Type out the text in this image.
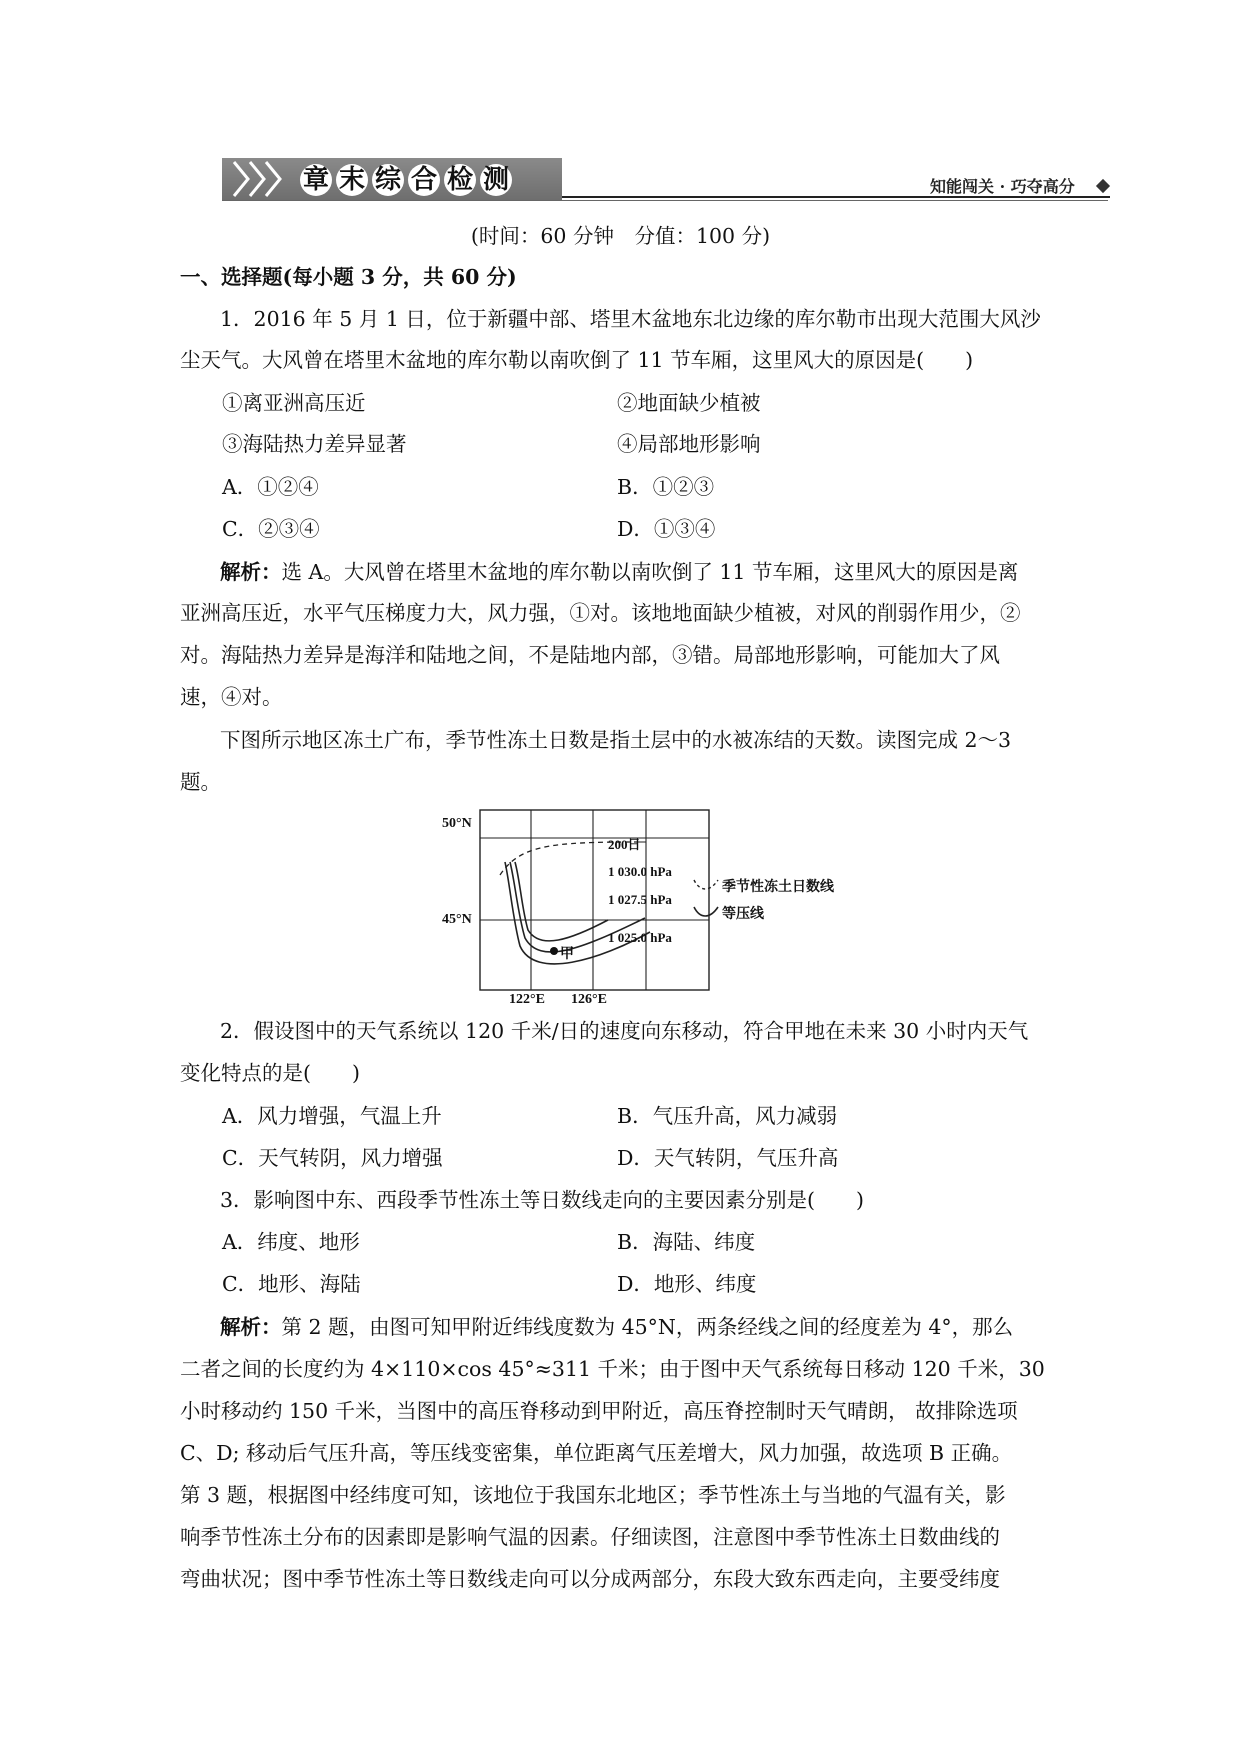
章 末 综 合 检 测	知能闯关 · 巧夺高分
(时间：60 分钟　分值：100 分)
一、选择题(每小题 3 分，共 60 分)
1．2016 年 5 月 1 日，位于新疆中部、塔里木盆地东北边缘的库尔勒市出现大范围大风沙
尘天气。大风曾在塔里木盆地的库尔勒以南吹倒了 11 节车厢，这里风大的原因是(　　)
①离亚洲高压近	②地面缺少植被
③海陆热力差异显著	④局部地形影响
A．①②④	B．①②③
C．②③④	D．①③④
解析：选 A。大风曾在塔里木盆地的库尔勒以南吹倒了 11 节车厢，这里风大的原因是离
亚洲高压近，水平气压梯度力大，风力强，①对。该地地面缺少植被，对风的削弱作用少，②
对。海陆热力差异是海洋和陆地之间，不是陆地内部，③错。局部地形影响，可能加大了风
速，④对。
下图所示地区冻土广布，季节性冻土日数是指土层中的水被冻结的天数。读图完成 2～3
题。
50°N
45°N
122°E 126°E
200日
1 030.0 hPa
1 027.5 hPa
1 025.0 hPa
甲
季节性冻土日数线
等压线
2．假设图中的天气系统以 120 千米/日的速度向东移动，符合甲地在未来 30 小时内天气
变化特点的是(　　)
A．风力增强，气温上升	B．气压升高，风力减弱
C．天气转阴，风力增强	D．天气转阴，气压升高
3．影响图中东、西段季节性冻土等日数线走向的主要因素分别是(　　)
A．纬度、地形	B．海陆、纬度
C．地形、海陆	D．地形、纬度
解析：第 2 题，由图可知甲附近纬线度数为 45°N，两条经线之间的经度差为 4°，那么
二者之间的长度约为 4×110×cos 45°≈311 千米；由于图中天气系统每日移动 120 千米，30
小时移动约 150 千米，当图中的高压脊移动到甲附近，高压脊控制时天气晴朗， 故排除选项
C、D; 移动后气压升高，等压线变密集，单位距离气压差增大，风力加强，故选项 B 正确。
第 3 题，根据图中经纬度可知，该地位于我国东北地区；季节性冻土与当地的气温有关，影
响季节性冻土分布的因素即是影响气温的因素。仔细读图，注意图中季节性冻土日数曲线的
弯曲状况；图中季节性冻土等日数线走向可以分成两部分，东段大致东西走向，主要受纬度
